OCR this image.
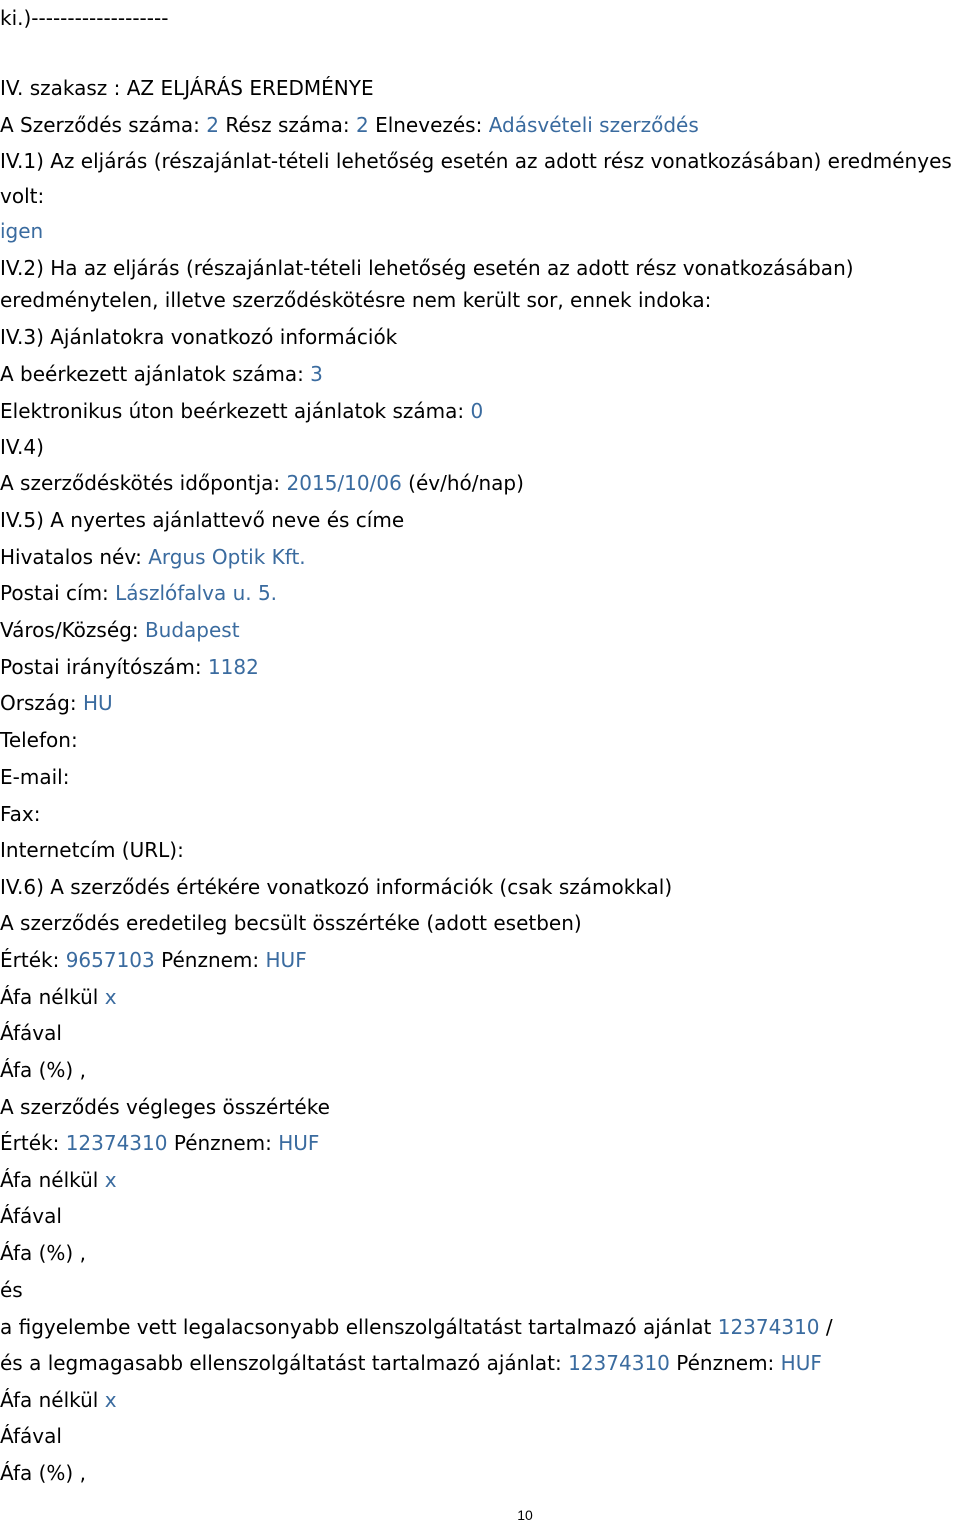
ki.)-------------------
IV. szakasz : AZ ELJÁRÁS EREDMÉNYE
A Szerződés száma: 2 Rész száma: 2 Elnevezés: Adásvételi szerződés
IV.1) Az eljárás (részajánlat-tételi lehetőség esetén az adott rész vonatkozásában) eredményes
volt:
igen
IV.2) Ha az eljárás (részajánlat-tételi lehetőség esetén az adott rész vonatkozásában)
eredménytelen, illetve szerződéskötésre nem került sor, ennek indoka:
IV.3) Ajánlatokra vonatkozó információk
A beérkezett ajánlatok száma: 3
Elektronikus úton beérkezett ajánlatok száma: 0
IV.4)
A szerződéskötés időpontja: 2015/10/06 (év/hó/nap)
IV.5) A nyertes ajánlattevő neve és címe
Hivatalos név: Argus Optik Kft.
Postai cím: Lászlófalva u. 5.
Város/Község: Budapest
Postai irányítószám: 1182
Ország: HU
Telefon:
E-mail:
Fax:
Internetcím (URL):
IV.6) A szerződés értékére vonatkozó információk (csak számokkal)
A szerződés eredetileg becsült összértéke (adott esetben)
Érték: 9657103 Pénznem: HUF
Áfa nélkül x
Áfával
Áfa (%) ,
A szerződés végleges összértéke
Érték: 12374310 Pénznem: HUF
Áfa nélkül x
Áfával
Áfa (%) ,
és
a figyelembe vett legalacsonyabb ellenszolgáltatást tartalmazó ajánlat 12374310 /
és a legmagasabb ellenszolgáltatást tartalmazó ajánlat: 12374310 Pénznem: HUF
Áfa nélkül x
Áfával
Áfa (%) ,
10
